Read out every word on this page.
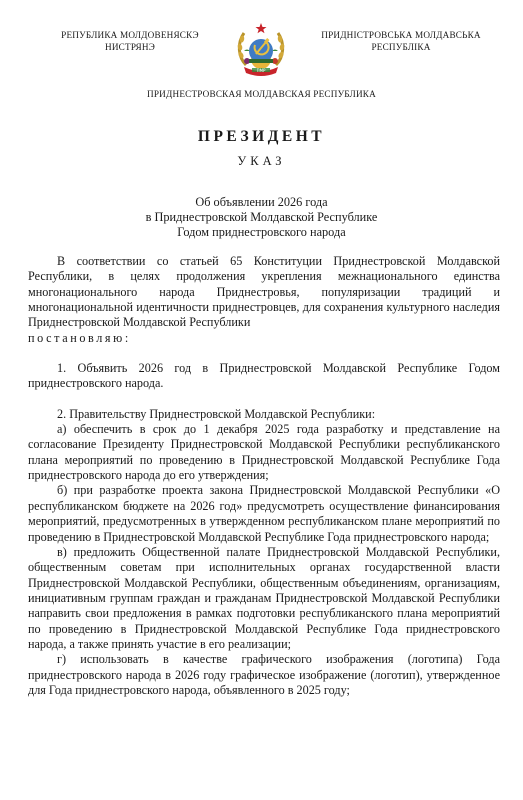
РЕПУБЛИКА МОЛДОВЕНЯСКЭ НИСТРЯНЭ
ПМР
ПРИДНІСТРОВСЬКА МОЛДАВСЬКА РЕСПУБЛІКА
ПРИДНЕСТРОВСКАЯ МОЛДАВСКАЯ РЕСПУБЛИКА
ПРЕЗИДЕНТ
УКАЗ
Об объявлении 2026 года
в Приднестровской Молдавской Республике
Годом приднестровского народа

В соответствии со статьей 65 Конституции Приднестровской Молдавской Республики, в целях продолжения укрепления межнационального единства многонационального народа Приднестровья, популяризации традиций и многонациональной идентичности приднестровцев, для сохранения культурного наследия Приднестровской Молдавской Республики

постановляю:

1. Объявить 2026 год в Приднестровской Молдавской Республике Годом приднестровского народа.

2. Правительству Приднестровской Молдавской Республики:

а) обеспечить в срок до 1 декабря 2025 года разработку и представление на согласование Президенту Приднестровской Молдавской Республики республиканского плана мероприятий по проведению в Приднестровской Молдавской Республике Года приднестровского народа до его утверждения;

б) при разработке проекта закона Приднестровской Молдавской Республики «О республиканском бюджете на 2026 год» предусмотреть осуществление финансирования мероприятий, предусмотренных в утвержденном республиканском плане мероприятий по проведению в Приднестровской Молдавской Республике Года приднестровского народа;

в) предложить Общественной палате Приднестровской Молдавской Республики, общественным советам при исполнительных органах государственной власти Приднестровской Молдавской Республики, общественным объединениям, организациям, инициативным группам граждан и гражданам Приднестровской Молдавской Республики направить свои предложения в рамках подготовки республиканского плана мероприятий по проведению в Приднестровской Молдавской Республике Года приднестровского народа, а также принять участие в его реализации;

г) использовать в качестве графического изображения (логотипа) Года приднестровского народа в 2026 году графическое изображение (логотип), утвержденное для Года приднестровского народа, объявленного в 2025 году;
